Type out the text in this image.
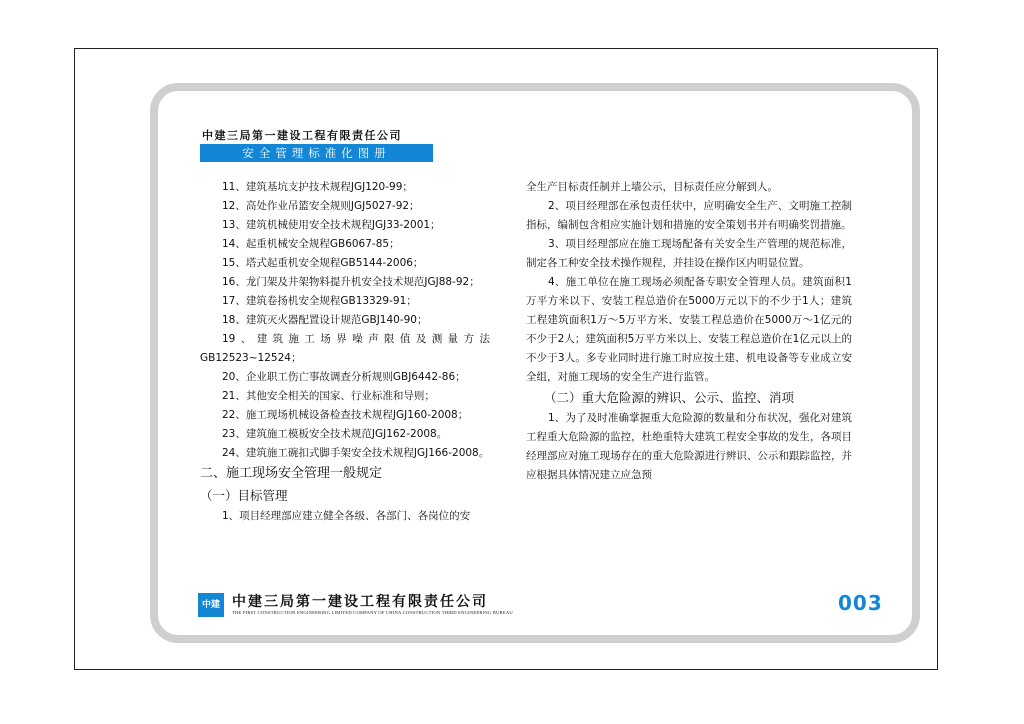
中建三局第一建设工程有限责任公司
安全管理标准化图册

11、建筑基坑支护技术规程JGJ120-99；

12、高处作业吊篮安全规则JGJ5027-92；

13、建筑机械使用安全技术规程JGJ33-2001；

14、起重机械安全规程GB6067-85；

15、塔式起重机安全规程GB5144-2006；

16、龙门架及井架物料提升机安全技术规范JGJ88-92；

17、建筑卷扬机安全规程GB13329-91；

18、建筑灭火器配置设计规范GBJ140-90；

19、建筑施工场界噪声限值及测量方法GB12523~12524；

20、企业职工伤亡事故调查分析规则GBJ6442-86；

21、其他安全相关的国家、行业标准和导则；

22、施工现场机械设备检查技术规程JGJ160-2008；

23、建筑施工模板安全技术规范JGJ162-2008。

24、建筑施工碗扣式脚手架安全技术规程JGJ166-2008。

二、施工现场安全管理一般规定

（一）目标管理

1、项目经理部应建立健全各级、各部门、各岗位的安

全生产目标责任制并上墙公示，目标责任应分解到人。

2、项目经理部在承包责任状中，应明确安全生产、文明施工控制指标，编制包含相应实施计划和措施的安全策划书并有明确奖罚措施。

3、项目经理部应在施工现场配备有关安全生产管理的规范标准，制定各工种安全技术操作规程，并挂设在操作区内明显位置。

4、施工单位在施工现场必须配备专职安全管理人员。建筑面积1万平方米以下、安装工程总造价在5000万元以下的不少于1人；建筑工程建筑面积1万～5万平方米、安装工程总造价在5000万～1亿元的不少于2人；建筑面积5万平方米以上、安装工程总造价在1亿元以上的不少于3人。多专业同时进行施工时应按土建、机电设备等专业成立安全组，对施工现场的安全生产进行监管。

（二）重大危险源的辨识、公示、监控、消项

1、为了及时准确掌握重大危险源的数量和分布状况，强化对建筑工程重大危险源的监控，杜绝重特大建筑工程安全事故的发生，各项目经理部应对施工现场存在的重大危险源进行辨识、公示和跟踪监控，并应根据具体情况建立应急预

中建 中建三局第一建设工程有限责任公司
THE FIRST CONSTRUCTION ENGINEERING LIMITED COMPANY OF CHINA CONSTRUCTION THIRD ENGINEERING BUREAU	003
